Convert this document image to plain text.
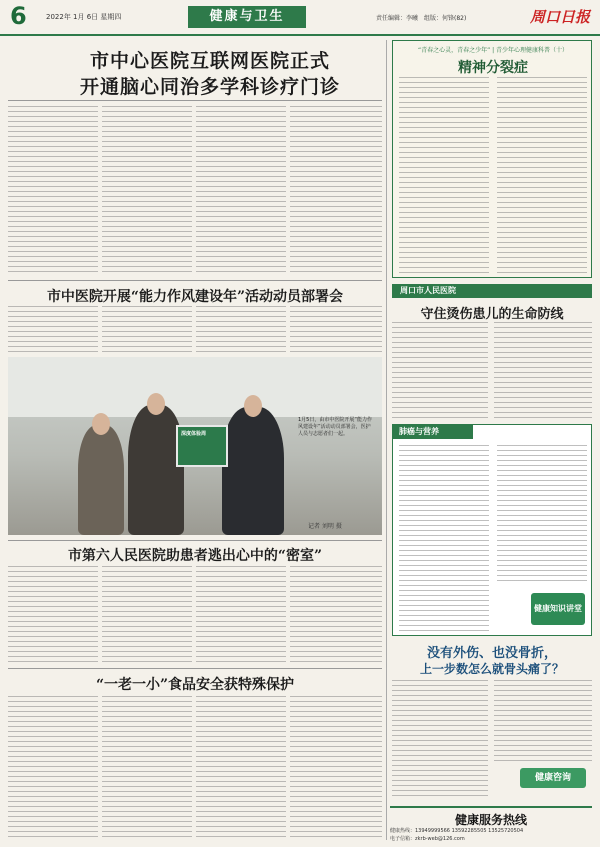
6	2022年 1月 6日 星期四	健康与卫生	责任编辑：李曦　组版：何锋(82)	周口日报
市中心医院互联网医院正式
开通脑心同治多学科诊疗门诊
市中医院开展“能力作风建设年”活动动员部署会
深度体验周
1月5日，由市中医院开展“能力作风建设年”活动动员部署会，医护人员与志愿者们一起。
记者 刘明 摄
市第六人民医院助患者逃出心中的“密室”
“一老一小”食品安全获特殊保护
“青春之心灵，青春之少年” | 青少年心理健康科普（十）
精神分裂症
周口市人民医院
守住烫伤患儿的生命防线
肺癌与营养
健康知识讲堂
没有外伤、也没骨折，
上一步数怎么就骨头痛了？
健康咨询
健康服务热线
健康热线：13949999566 13592285505 13525720504
电子信箱：zkrb-web@126.com
